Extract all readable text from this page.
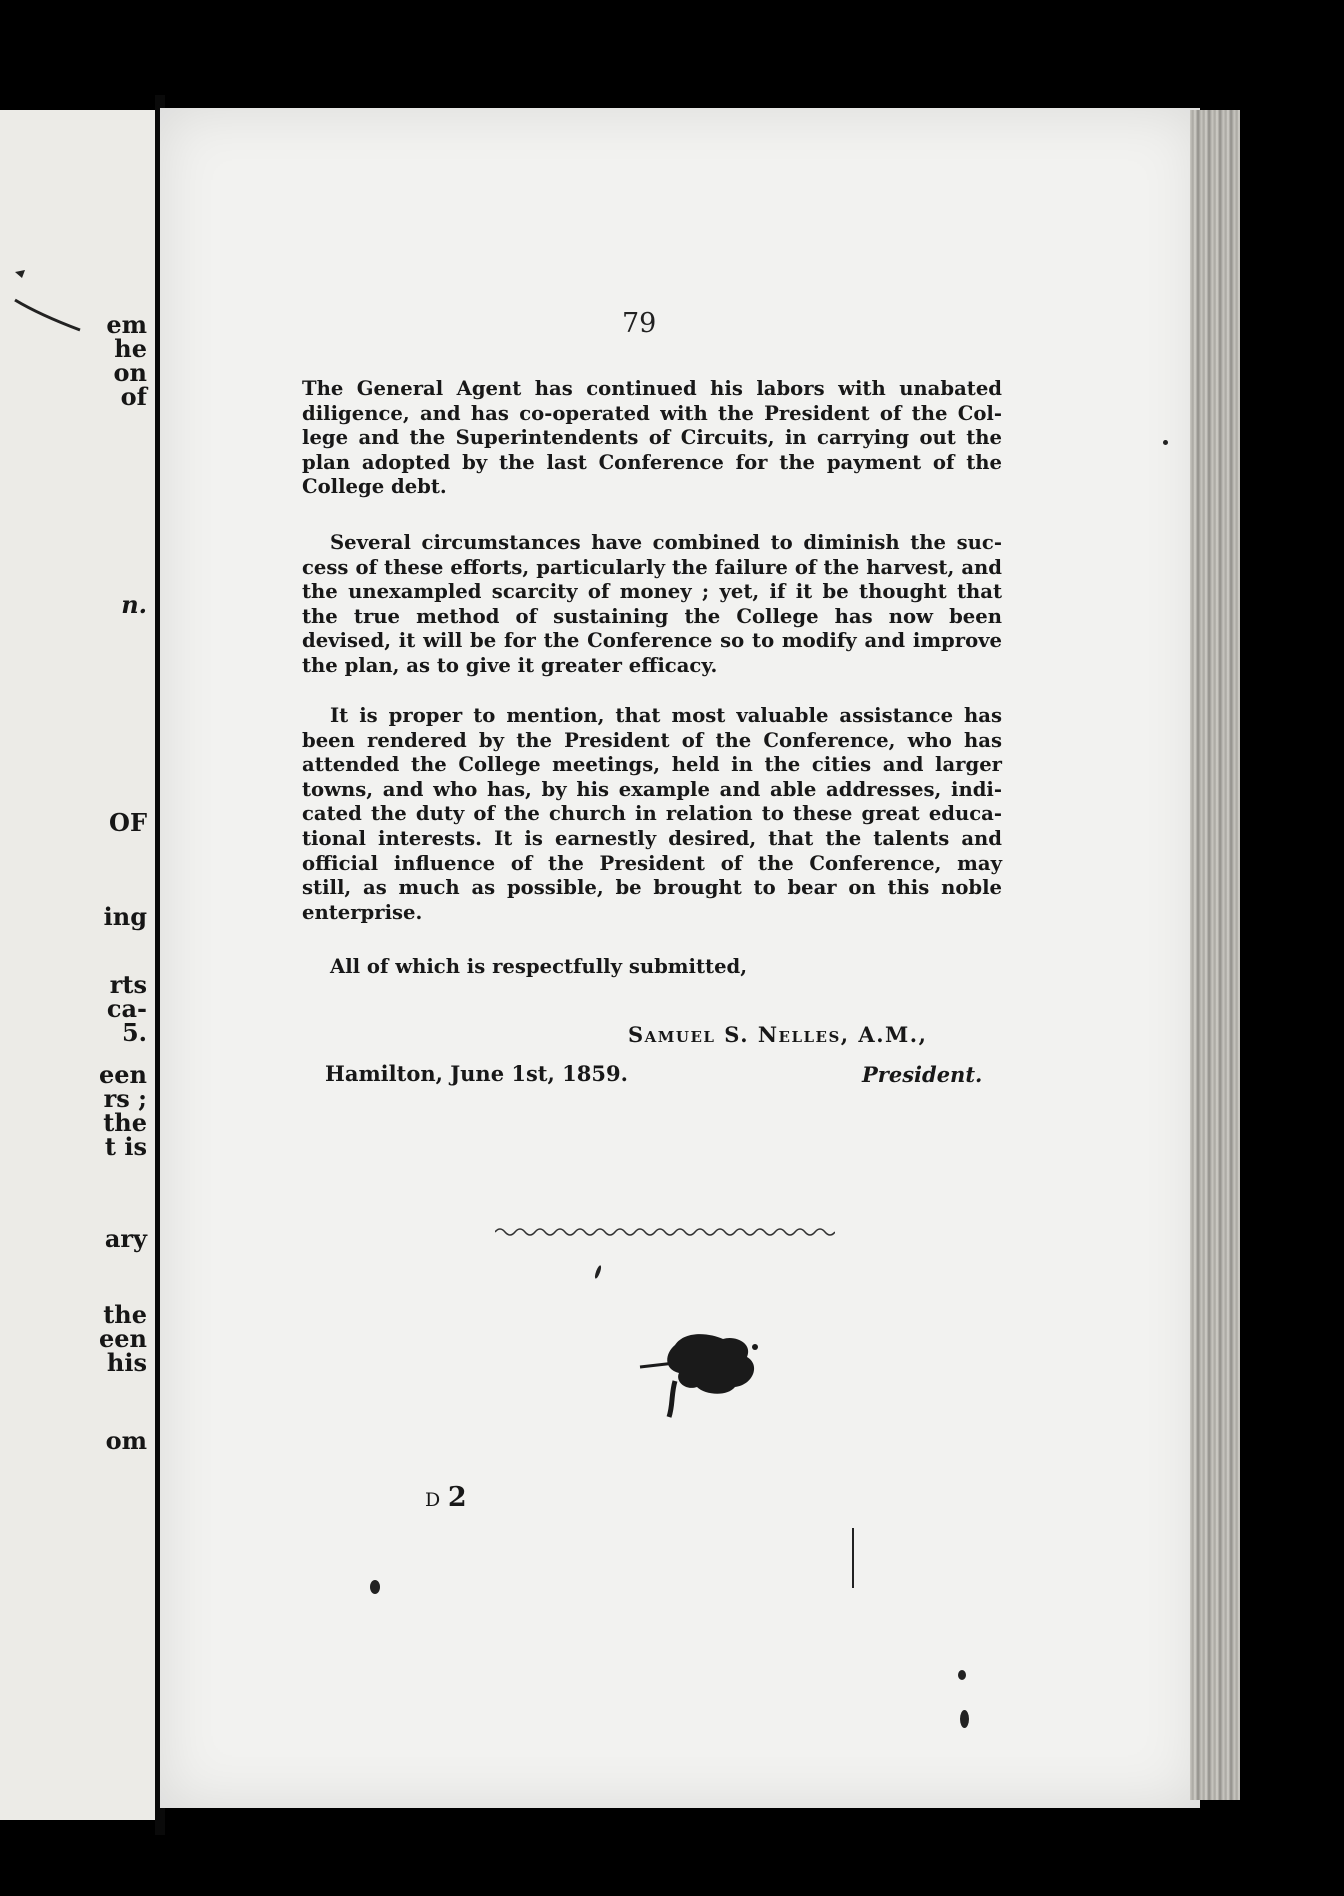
em
he
on
of
n.
OF
ing
rts
ca-
5.
een
rs ;
the
t is
ary
the
een
his
om
79
The General Agent has continued his labors with unabated
diligence, and has co-operated with the President of the Col-
lege and the Superintendents of Circuits, in carrying out the
plan adopted by the last Conference for the payment of the
College debt.
Several circumstances have combined to diminish the suc-
cess of these efforts, particularly the failure of the harvest, and
the unexampled scarcity of money ; yet, if it be thought that
the true method of sustaining the College has now been
devised, it will be for the Conference so to modify and improve
the plan, as to give it greater efficacy.
It is proper to mention, that most valuable assistance has
been rendered by the President of the Conference, who has
attended the College meetings, held in the cities and larger
towns, and who has, by his example and able addresses, indi-
cated the duty of the church in relation to these great educa-
tional interests. It is earnestly desired, that the talents and
official influence of the President of the Conference, may
still, as much as possible, be brought to bear on this noble
enterprise.
All of which is respectfully submitted,
Samuel S. Nelles, A.M.,
Hamilton, June 1st, 1859.	President.
D 2
